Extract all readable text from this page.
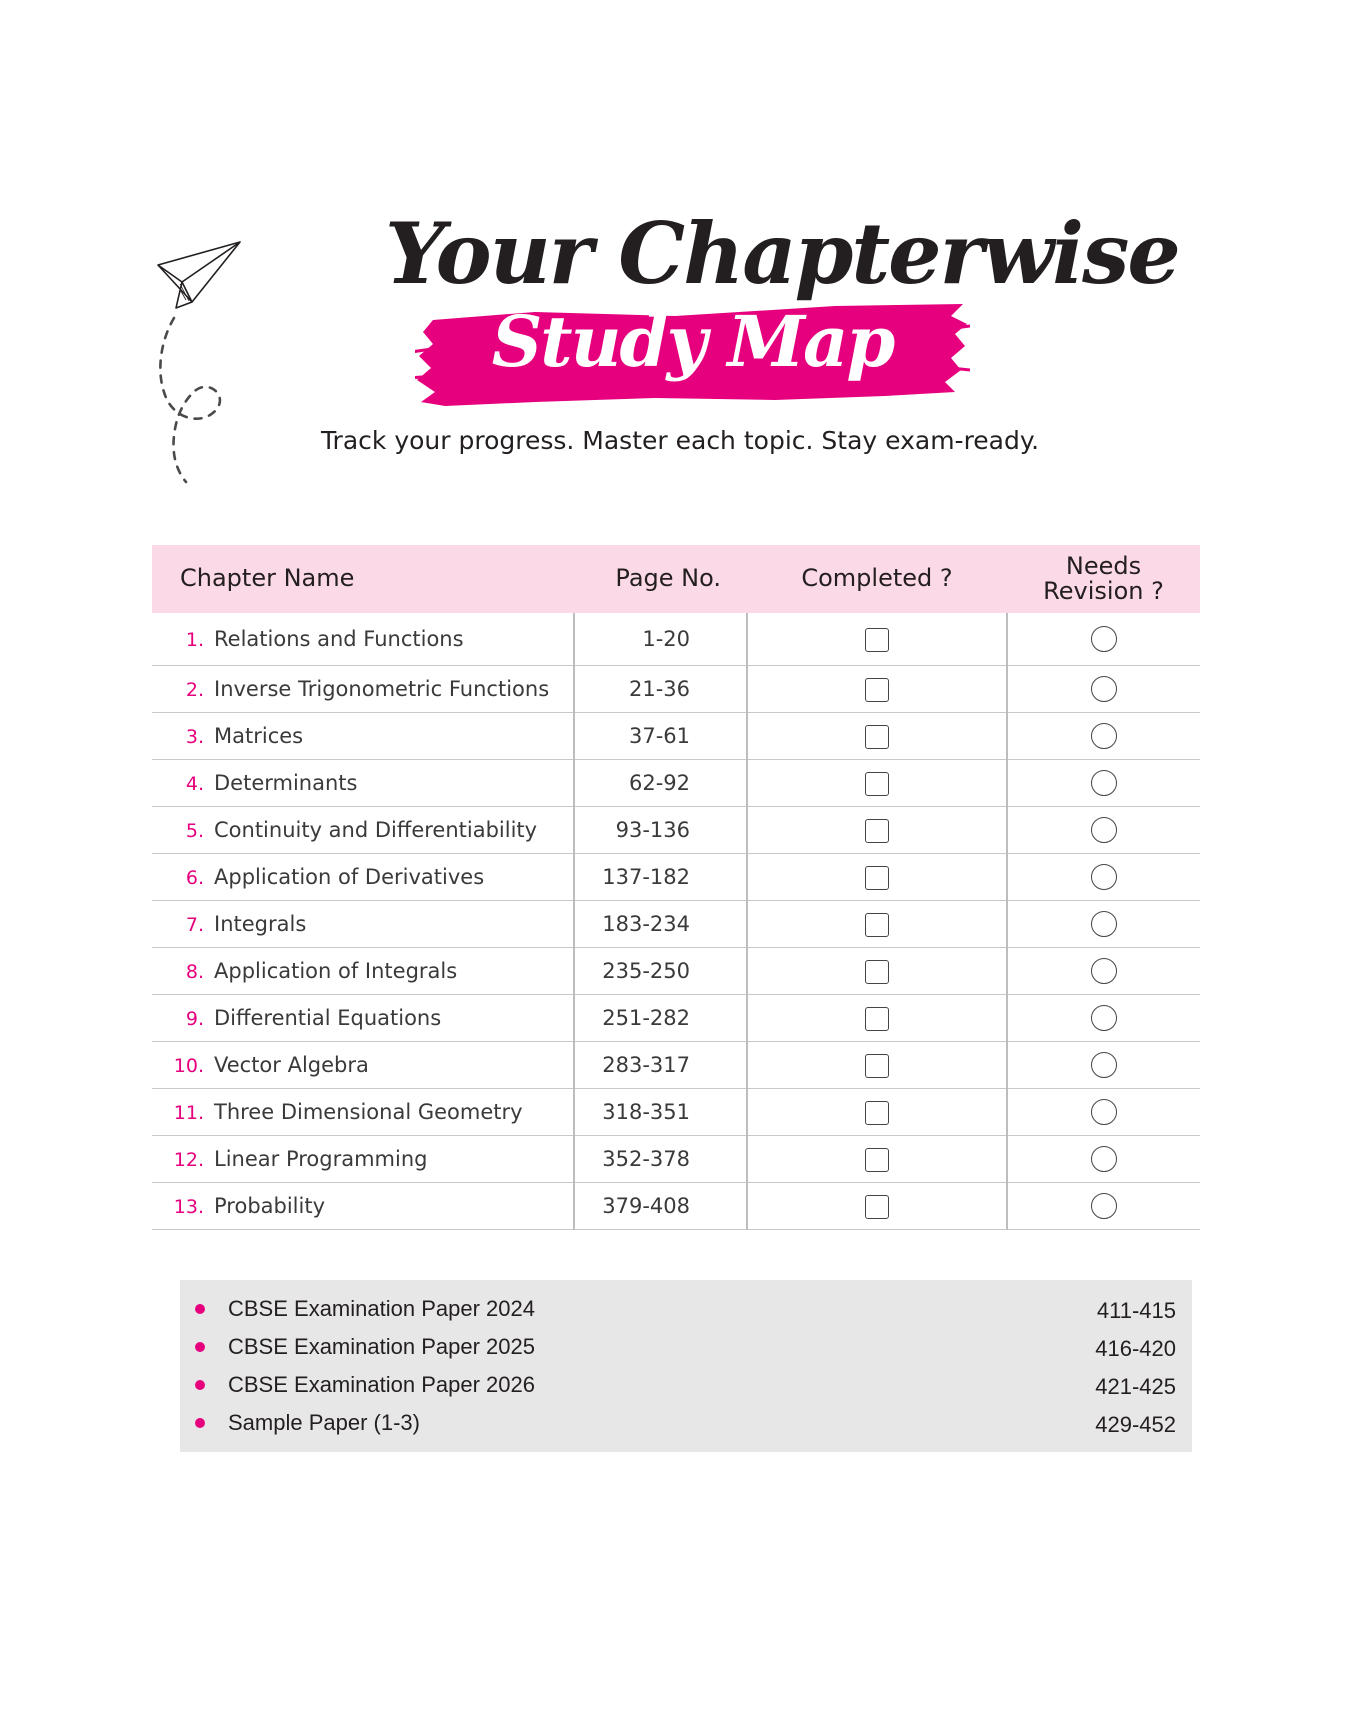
Your Chapterwise
Study Map
Track your progress. Master each topic. Stay exam-ready.
Chapter Name	Page No.	Completed ?	Needs
Revision ?
1. Relations and Functions	1-20		
2. Inverse Trigonometric Functions	21-36		
3. Matrices	37-61		
4. Determinants	62-92		
5. Continuity and Differentiability	93-136		
6. Application of Derivatives	137-182		
7. Integrals	183-234		
8. Application of Integrals	235-250		
9. Differential Equations	251-282		
10. Vector Algebra	283-317		
11. Three Dimensional Geometry	318-351		
12. Linear Programming	352-378		
13. Probability	379-408		
CBSE Examination Paper 2024	411-415
CBSE Examination Paper 2025	416-420
CBSE Examination Paper 2026	421-425
Sample Paper (1-3)	429-452
